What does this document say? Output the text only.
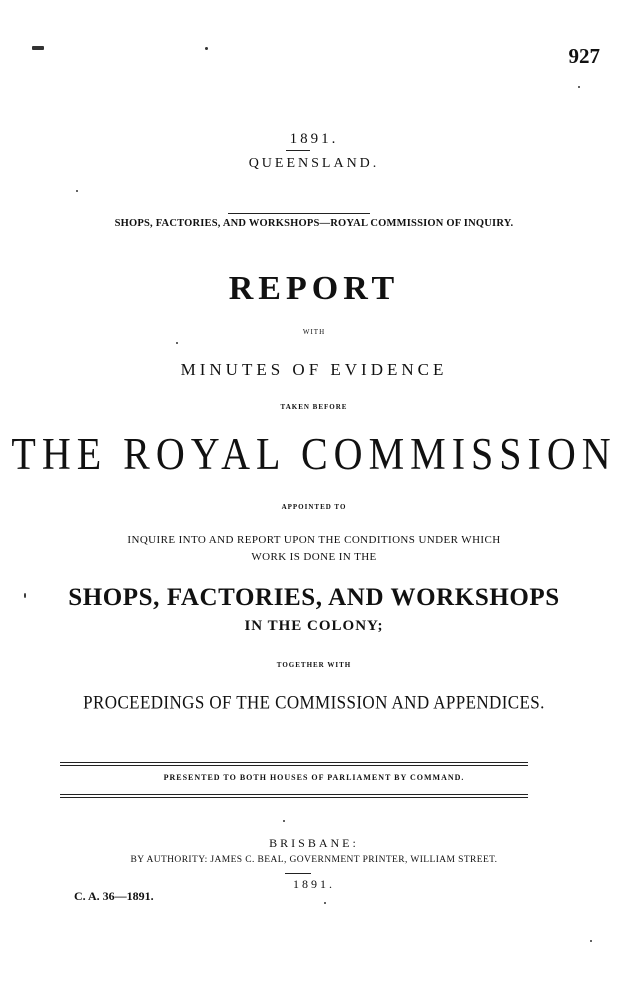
927
1891.
QUEENSLAND.
SHOPS, FACTORIES, AND WORKSHOPS—ROYAL COMMISSION OF INQUIRY.
REPORT
WITH
MINUTES OF EVIDENCE
TAKEN BEFORE
THE ROYAL COMMISSION
APPOINTED TO
INQUIRE INTO AND REPORT UPON THE CONDITIONS UNDER WHICH
WORK IS DONE IN THE
SHOPS, FACTORIES, AND WORKSHOPS
IN THE COLONY;
TOGETHER WITH
PROCEEDINGS OF THE COMMISSION AND APPENDICES.
PRESENTED TO BOTH HOUSES OF PARLIAMENT BY COMMAND.
BRISBANE:
BY AUTHORITY: JAMES C. BEAL, GOVERNMENT PRINTER, WILLIAM STREET.
1891.
C. A. 36—1891.
